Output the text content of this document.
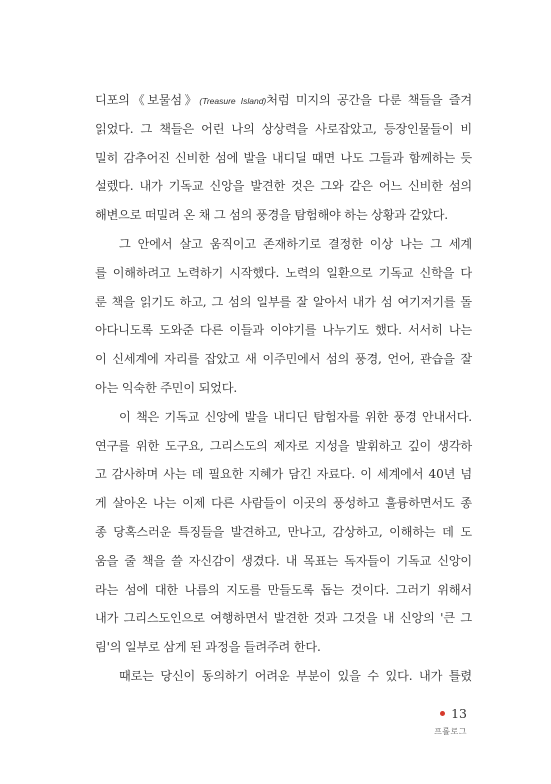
디포의《보물섬》(Treasure Island)처럼 미지의 공간을 다룬 책들을 즐겨
읽었다. 그 책들은 어린 나의 상상력을 사로잡았고, 등장인물들이 비
밀히 감추어진 신비한 섬에 발을 내디딜 때면 나도 그들과 함께하는 듯
설렜다. 내가 기독교 신앙을 발견한 것은 그와 같은 어느 신비한 섬의
해변으로 떠밀려 온 채 그 섬의 풍경을 탐험해야 하는 상황과 같았다.
그 안에서 살고 움직이고 존재하기로 결정한 이상 나는 그 세계
를 이해하려고 노력하기 시작했다. 노력의 일환으로 기독교 신학을 다
룬 책을 읽기도 하고, 그 섬의 일부를 잘 알아서 내가 섬 여기저기를 돌
아다니도록 도와준 다른 이들과 이야기를 나누기도 했다. 서서히 나는
이 신세계에 자리를 잡았고 새 이주민에서 섬의 풍경, 언어, 관습을 잘
아는 익숙한 주민이 되었다.
이 책은 기독교 신앙에 발을 내디딘 탐험자를 위한 풍경 안내서다.
연구를 위한 도구요, 그리스도의 제자로 지성을 발휘하고 깊이 생각하
고 감사하며 사는 데 필요한 지혜가 담긴 자료다. 이 세계에서 40년 넘
게 살아온 나는 이제 다른 사람들이 이곳의 풍성하고 훌륭하면서도 종
종 당혹스러운 특징들을 발견하고, 만나고, 감상하고, 이해하는 데 도
움을 줄 책을 쓸 자신감이 생겼다. 내 목표는 독자들이 기독교 신앙이
라는 섬에 대한 나름의 지도를 만들도록 돕는 것이다. 그러기 위해서
내가 그리스도인으로 여행하면서 발견한 것과 그것을 내 신앙의 '큰 그
림'의 일부로 삼게 된 과정을 들려주려 한다.
때로는 당신이 동의하기 어려운 부분이 있을 수 있다. 내가 틀렸
13
프롤로그
